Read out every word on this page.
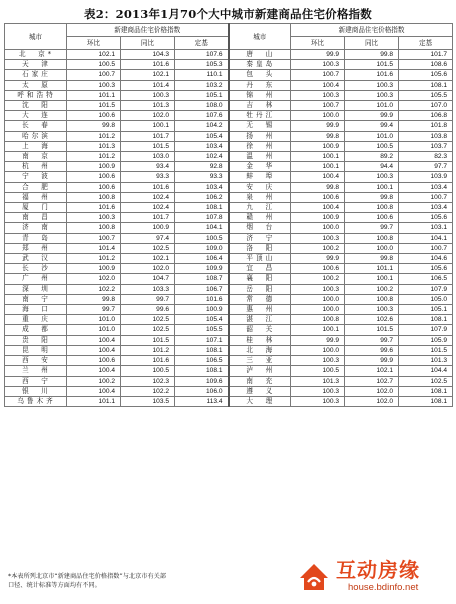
表2：2013年1月70个大中城市新建商品住宅价格指数
城市	新建商品住宅价格指数			城市	新建商品住宅价格指数		
	环比	同比	定基		环比	同比	定基
北　京*	102.1	104.3	107.6	唐　山	99.9	99.8	101.7
天　津	100.5	101.6	105.3	秦皇岛	100.3	101.5	108.6
石家庄	100.7	102.1	110.1	包　头	100.7	101.6	105.6
太　原	100.3	101.4	103.2	丹　东	100.4	100.3	108.1
呼和浩特	101.1	100.3	105.1	锦　州	100.3	100.3	105.5
沈　阳	101.5	101.3	108.0	吉　林	100.7	101.0	107.0
大　连	100.6	102.0	107.6	牡丹江	100.0	99.9	106.8
长　春	99.8	100.1	104.2	无　锡	99.9	99.4	101.8
哈尔滨	101.2	101.7	105.4	扬　州	99.8	101.0	103.8
上　海	101.3	101.5	103.4	徐　州	100.9	100.5	103.7
南　京	101.2	103.0	102.4	温　州	100.1	89.2	82.3
杭　州	100.9	93.4	92.8	金　华	100.1	94.4	97.7
宁　波	100.6	93.3	93.3	蚌　埠	100.4	100.3	103.9
合　肥	100.6	101.6	103.4	安　庆	99.8	100.1	103.4
福　州	100.8	102.4	106.2	泉　州	100.6	99.8	100.7
厦　门	101.6	102.4	108.1	九　江	100.4	100.8	103.4
南　昌	100.3	101.7	107.8	赣　州	100.9	100.6	105.6
济　南	100.8	100.9	104.1	烟　台	100.0	99.7	103.1
青　岛	100.7	97.4	100.5	济　宁	100.3	100.8	104.1
郑　州	101.4	102.5	109.0	洛　阳	100.2	100.0	100.7
武　汉	101.2	102.1	106.4	平顶山	99.9	99.8	104.6
长　沙	100.9	102.0	109.9	宜　昌	100.6	101.1	105.6
广　州	102.0	104.7	108.7	襄　阳	100.2	100.1	106.5
深　圳	102.2	103.3	106.7	岳　阳	100.3	100.2	107.9
南　宁	99.8	99.7	101.6	常　德	100.0	100.8	105.0
海　口	99.7	99.6	100.9	惠　州	100.0	100.3	105.1
重　庆	101.0	102.5	105.4	湛　江	100.8	102.6	108.1
成　都	101.0	102.5	105.5	韶　关	100.1	101.5	107.9
贵　阳	100.4	101.5	107.1	桂　林	99.9	99.7	105.9
昆　明	100.4	101.2	108.1	北　海	100.0	99.6	101.5
西　安	100.6	101.6	106.5	三　亚	100.3	99.9	101.3
兰　州	100.4	100.5	108.1	泸　州	100.5	102.1	104.4
西　宁	100.2	102.3	109.6	南　充	101.3	102.7	102.5
银　川	100.4	102.2	106.0	遵　义	100.3	102.0	108.1
乌鲁木齐	101.1	103.5	113.4	大　理	100.3	102.0	108.1
*本表所列北京市“新建商品住宅价格指数”与北京市有关部
口径、统计标准等方面均有不同。
互动房缘
house.bdinfo.net
